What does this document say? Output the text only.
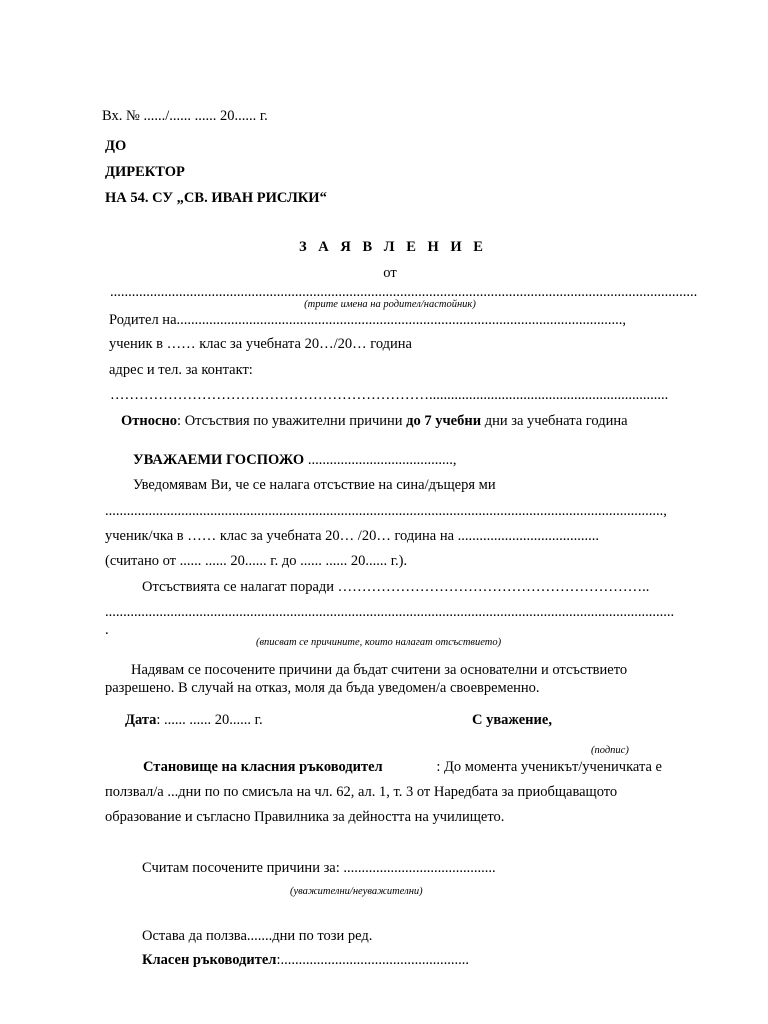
Вх. № ....../...... ...... 20...... г.
ДО
ДИРЕКТОР
НА 54. СУ „СВ. ИВАН РИСЛКИ“
З А Я В Л Е Н И Е
от
..................................................................................................................................................................
(трите имена на родител/настойник)
Родител на...........................................................................................................................,
ученик в …… клас за учебната 20…/20… година
адрес и тел. за контакт:
…………………………………………………………..................................................................
Относно: Отсъствия по уважителни причини до 7 учебни дни за учебната година
УВАЖАЕМИ ГОСПОЖО ........................................,
Уведомявам Ви, че се налага отсъствие на сина/дъщеря ми
..........................................................................................................................................................,
ученик/чка в …… клас за учебната 20… /20… година на .......................................
(считано от ...... ...... 20...... г. до ...... ...... 20...... г.).
Отсъствията се налагат поради ………………………………………………………..
.............................................................................................................................................................
.
(вписват се причините, които налагат отсъствието)
Надявам се посочените причини да бъдат считени за основателни и отсъствието
разрешено. В случай на отказ, моля да бъда уведомен/а своевременно.
Дата: ...... ...... 20...... г.	С уважение,
(подпис)
Становище на класния ръководител	: До момента ученикът/ученичката е
ползвал/а ...дни по по смисъла на чл. 62, ал. 1, т. 3 от Наредбата за приобщаващото
образование и съгласно Правилника за дейността на училището.
Считам посочените причини за: ..........................................
(уважителни/неуважителни)
Остава да ползва.......дни по този ред.
Класен ръководител:....................................................
